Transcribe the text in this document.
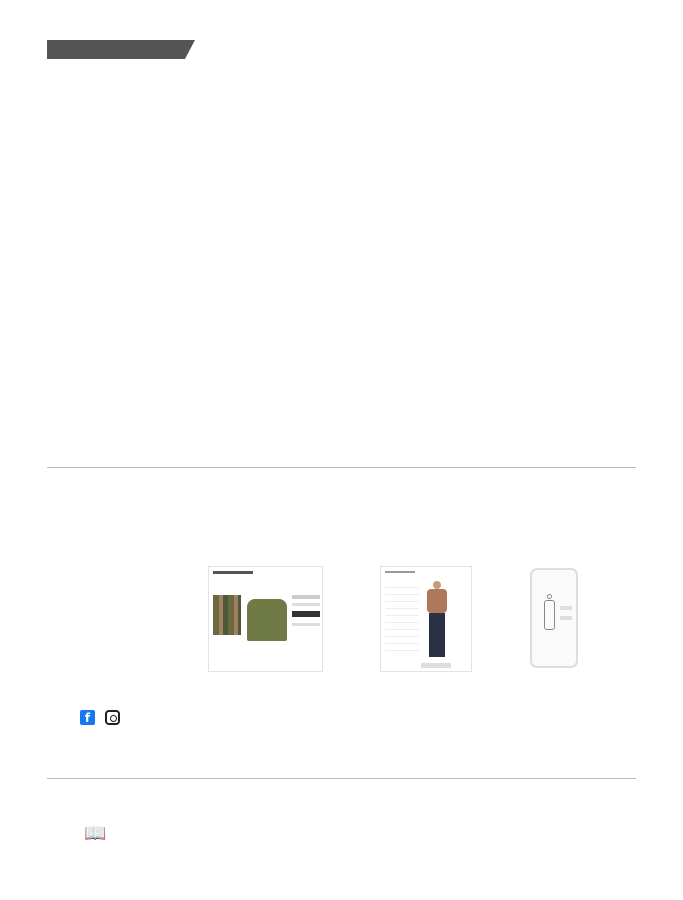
f
📖
